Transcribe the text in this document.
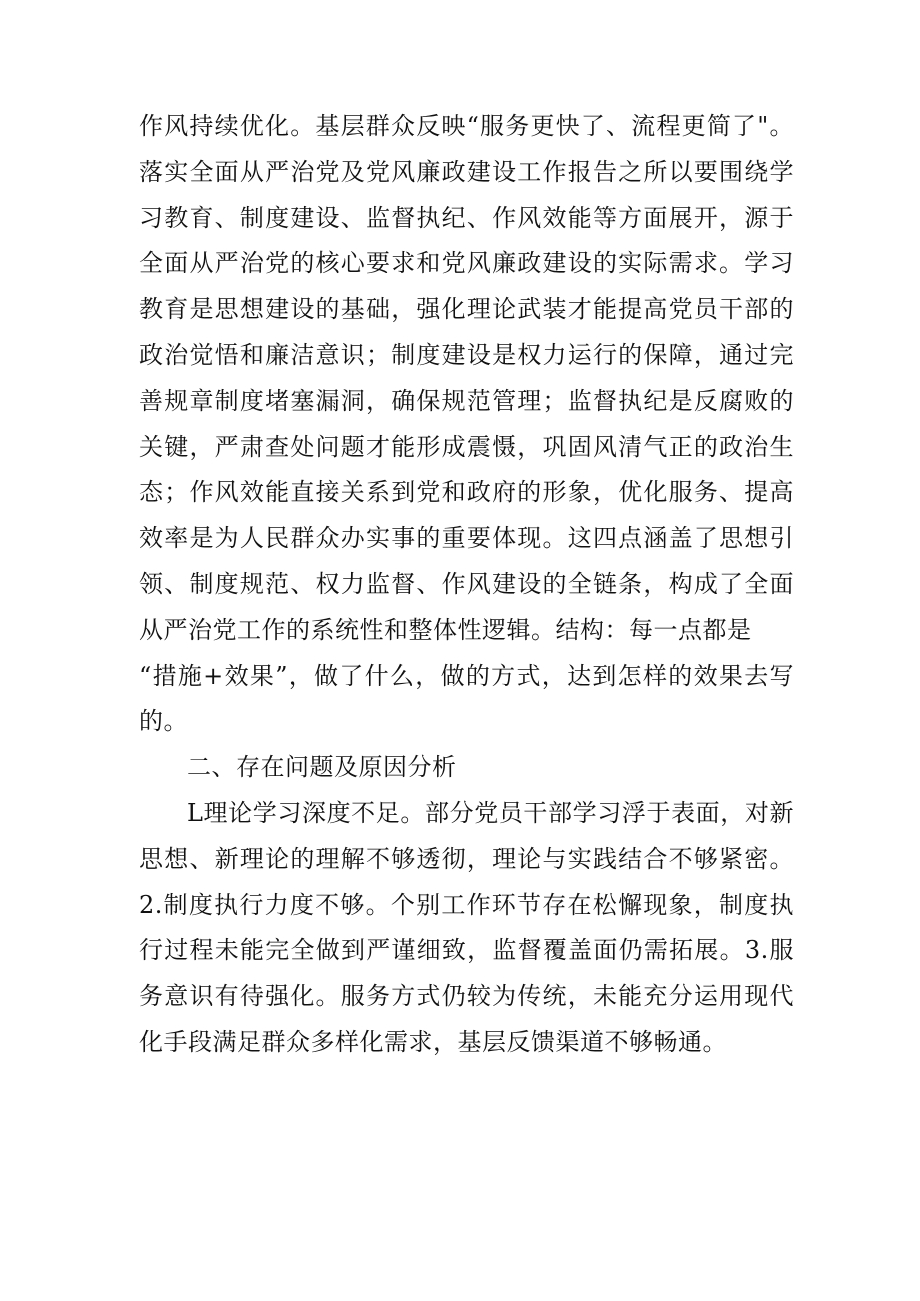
作风持续优化。基层群众反映“服务更快了、流程更简了"。落实全面从严治党及党风廉政建设工作报告之所以要围绕学习教育、制度建设、监督执纪、作风效能等方面展开，源于全面从严治党的核心要求和党风廉政建设的实际需求。学习教育是思想建设的基础，强化理论武装才能提高党员干部的政治觉悟和廉洁意识；制度建设是权力运行的保障，通过完善规章制度堵塞漏洞，确保规范管理；监督执纪是反腐败的关键，严肃查处问题才能形成震慑，巩固风清气正的政治生态；作风效能直接关系到党和政府的形象，优化服务、提高效率是为人民群众办实事的重要体现。这四点涵盖了思想引领、制度规范、权力监督、作风建设的全链条，构成了全面从严治党工作的系统性和整体性逻辑。结构：每一点都是

“措施+效果”，做了什么，做的方式，达到怎样的效果去写的。

二、存在问题及原因分析

L理论学习深度不足。部分党员干部学习浮于表面，对新思想、新理论的理解不够透彻，理论与实践结合不够紧密。2.制度执行力度不够。个别工作环节存在松懈现象，制度执行过程未能完全做到严谨细致，监督覆盖面仍需拓展。3.服务意识有待强化。服务方式仍较为传统，未能充分运用现代化手段满足群众多样化需求，基层反馈渠道不够畅通。
